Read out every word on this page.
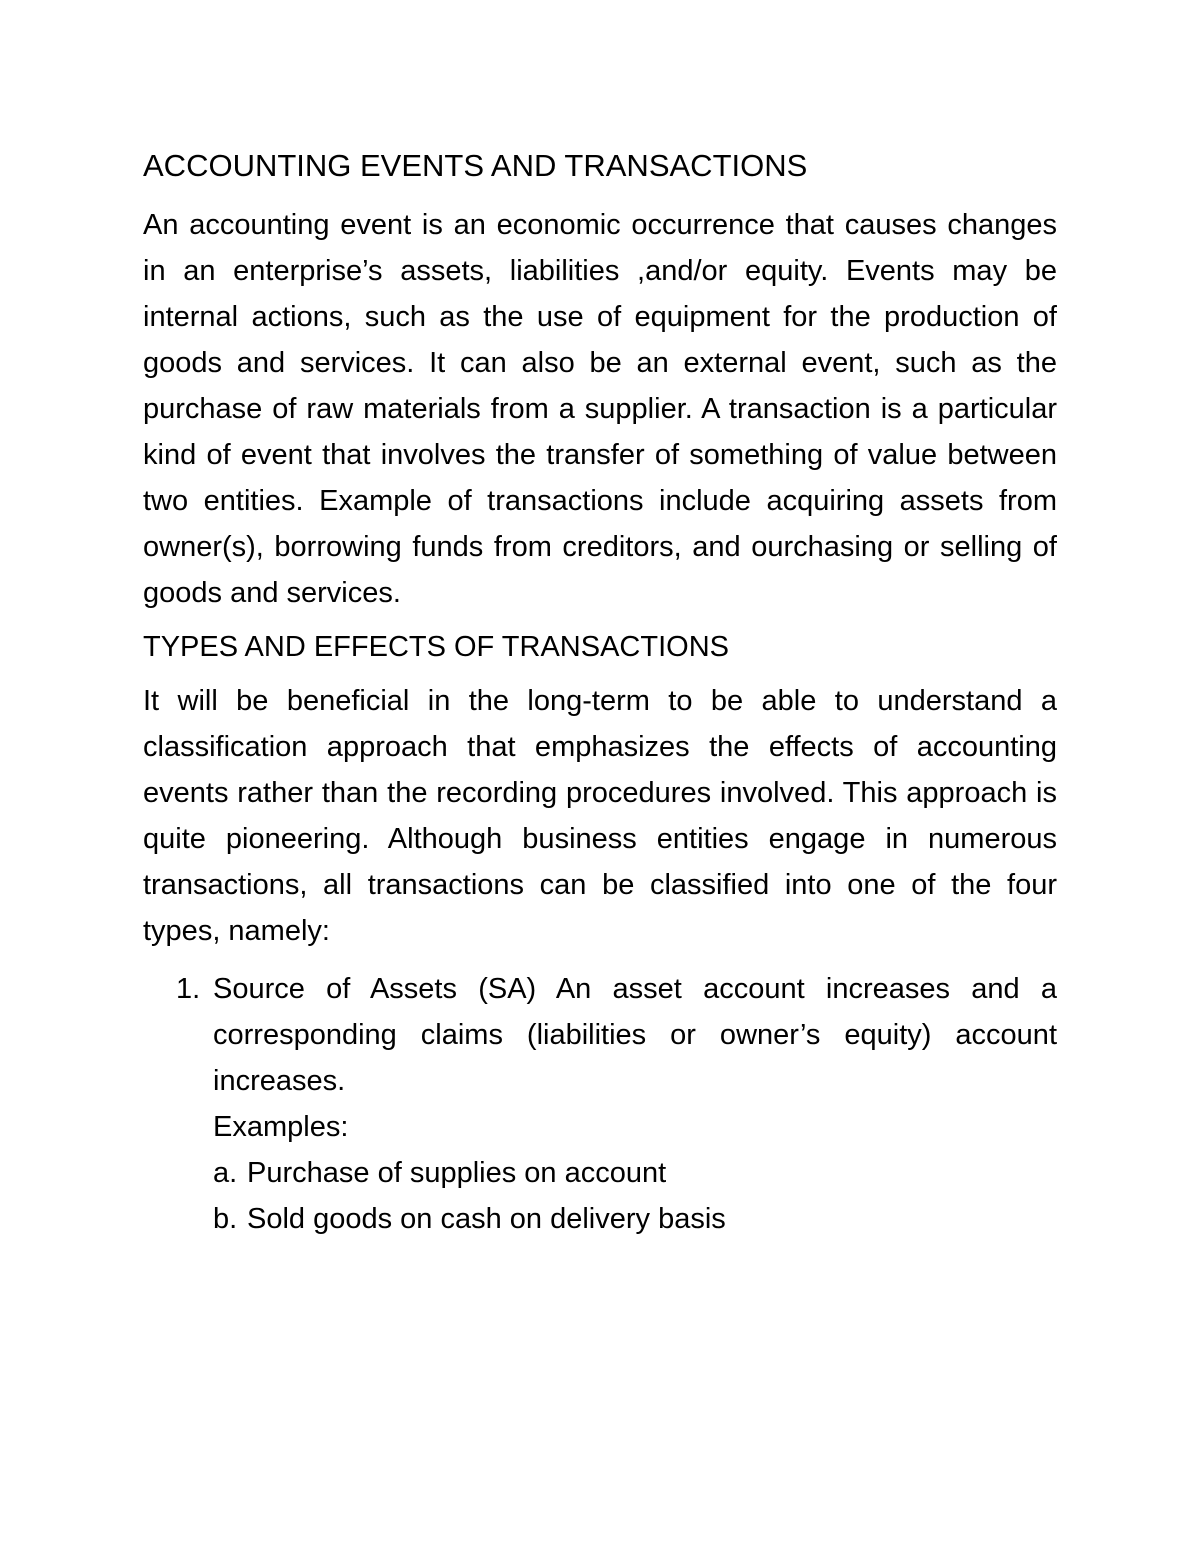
ACCOUNTING EVENTS AND TRANSACTIONS

An accounting event is an economic occurrence that causes changes in an enterprise’s assets, liabilities ,and/or equity. Events may be internal actions, such as the use of equipment for the production of goods and services. It can also be an external event, such as the purchase of raw materials from a supplier. A transaction is a particular kind of event that involves the transfer of something of value between two entities. Example of transactions include acquiring assets from owner(s), borrowing funds from creditors, and ourchasing or selling of goods and services.

TYPES AND EFFECTS OF TRANSACTIONS

It will be beneficial in the long-term to be able to understand a classification approach that emphasizes the effects of accounting events rather than the recording procedures involved. This approach is quite pioneering. Although business entities engage in numerous transactions, all transactions can be classified into one of the four types, namely:

1. Source of Assets (SA) An asset account increases and a corresponding claims (liabilities or owner’s equity) account increases.
Examples:
a. Purchase of supplies on account
b. Sold goods on cash on delivery basis
